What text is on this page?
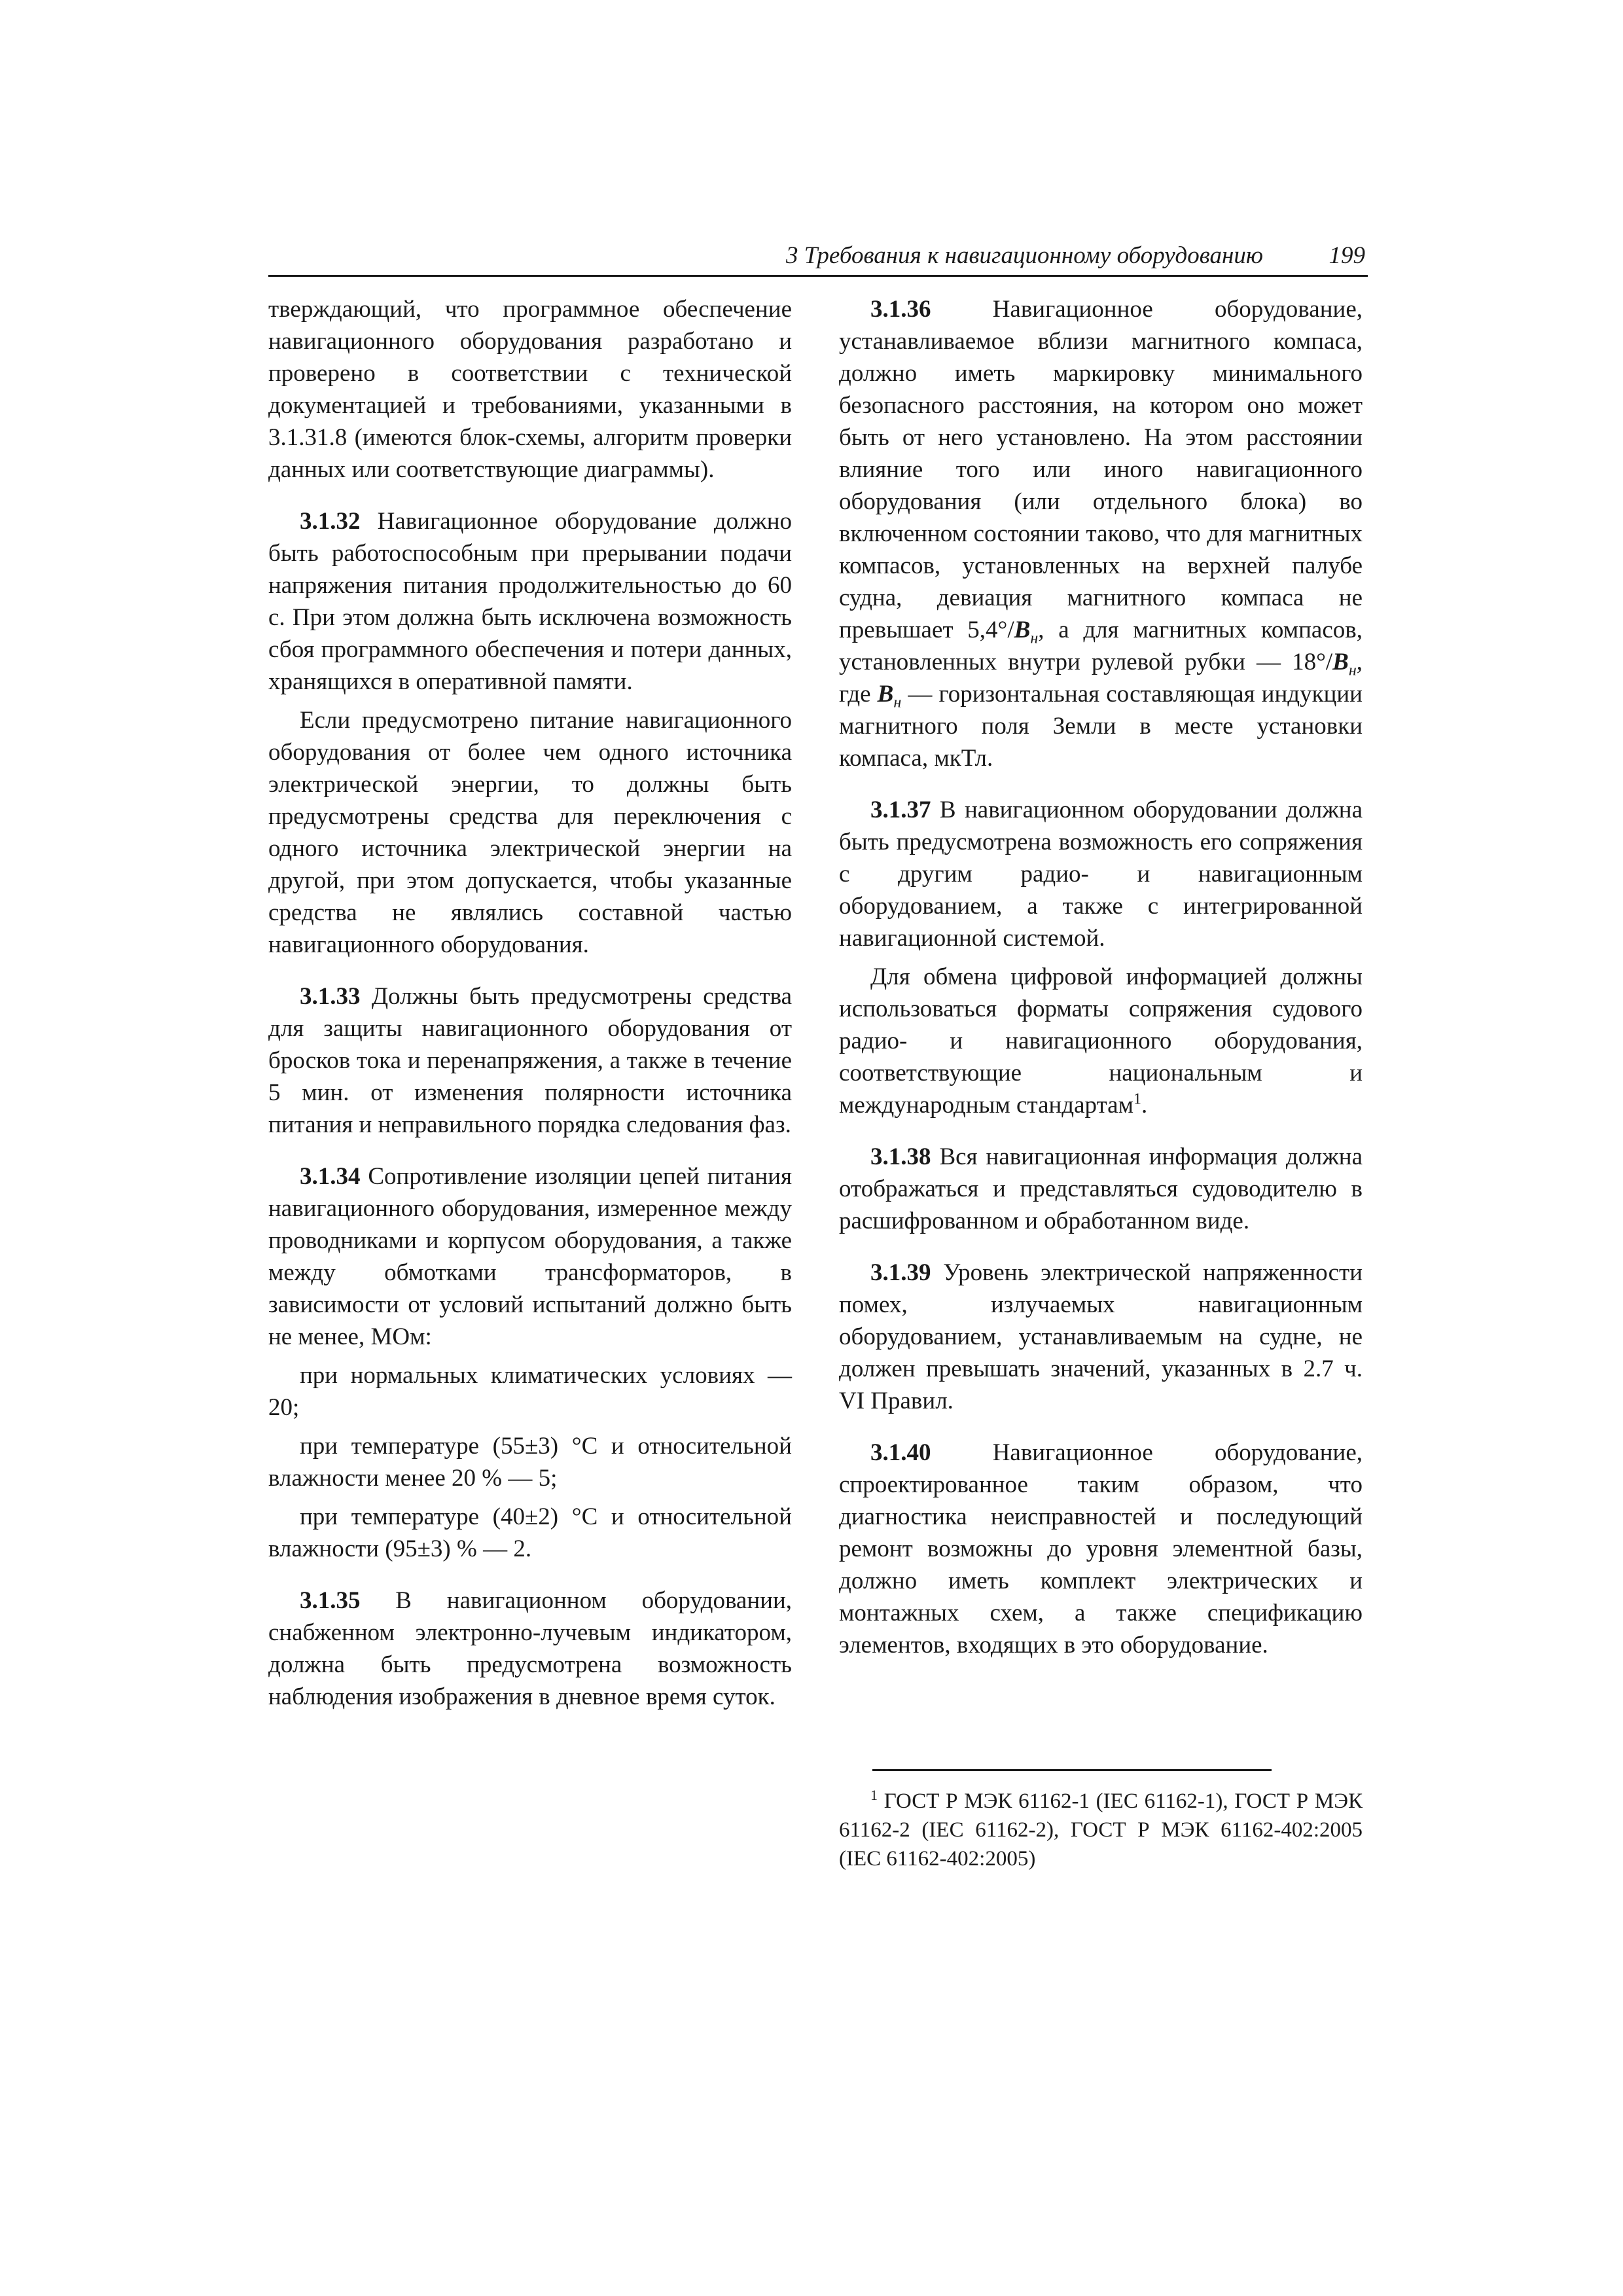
3 Требования к навигационному оборудованию	199

тверждающий, что программное обеспечение навигационного оборудования разработано и проверено в соответствии с технической документацией и требованиями, указанными в 3.1.31.8 (имеются блок-схемы, алгоритм проверки данных или соответствующие диаграммы).

3.1.32 Навигационное оборудование должно быть работоспособным при прерывании подачи напряжения питания продолжительностью до 60 с. При этом должна быть исключена возможность сбоя программного обеспечения и потери данных, хранящихся в оперативной памяти.

Если предусмотрено питание навигационного оборудования от более чем одного источника электрической энергии, то должны быть предусмотрены средства для переключения с одного источника электрической энергии на другой, при этом допускается, чтобы указанные средства не являлись составной частью навигационного оборудования.

3.1.33 Должны быть предусмотрены средства для защиты навигационного оборудования от бросков тока и перенапряжения, а также в течение 5 мин. от изменения полярности источника питания и неправильного порядка следования фаз.

3.1.34 Сопротивление изоляции цепей питания навигационного оборудования, измеренное между проводниками и корпусом оборудования, а также между обмотками трансформаторов, в зависимости от условий испытаний должно быть не менее, МОм:

при нормальных климатических условиях — 20;

при температуре (55±3) °С и относительной влажности менее 20 % — 5;

при температуре (40±2) °С и относительной влажности (95±3) % — 2.

3.1.35 В навигационном оборудовании, снабженном электронно-лучевым индикатором, должна быть предусмотрена возможность наблюдения изображения в дневное время суток.

3.1.36 Навигационное оборудование, устанавливаемое вблизи магнитного компаса, должно иметь маркировку минимального безопасного расстояния, на котором оно может быть от него установлено. На этом расстоянии влияние того или иного навигационного оборудования (или отдельного блока) во включенном состоянии таково, что для магнитных компасов, установленных на верхней палубе судна, девиация магнитного компаса не превышает $5,4^\circ/B_н$, а для магнитных компасов, установленных внутри рулевой рубки — $18^\circ/B_н$, где $B_н$ — горизонтальная составляющая индукции магнитного поля Земли в месте установки компаса, мкТл.

3.1.37 В навигационном оборудовании должна быть предусмотрена возможность его сопряжения с другим радио- и навигационным оборудованием, а также с интегрированной навигационной системой.

Для обмена цифровой информацией должны использоваться форматы сопряжения судового радио- и навигационного оборудования, соответствующие национальным и международным стандартам$^1$.

3.1.38 Вся навигационная информация должна отображаться и представляться судоводителю в расшифрованном и обработанном виде.

3.1.39 Уровень электрической напряженности помех, излучаемых навигационным оборудованием, устанавливаемым на судне, не должен превышать значений, указанных в 2.7 ч. VI Правил.

3.1.40 Навигационное оборудование, спроектированное таким образом, что диагностика неисправностей и последующий ремонт возможны до уровня элементной базы, должно иметь комплект электрических и монтажных схем, а также спецификацию элементов, входящих в это оборудование.

$^1$ ГОСТ Р МЭК 61162-1 (IEC 61162-1), ГОСТ Р МЭК 61162-2 (IEC 61162-2), ГОСТ Р МЭК 61162-402:2005 (IEC 61162-402:2005)
